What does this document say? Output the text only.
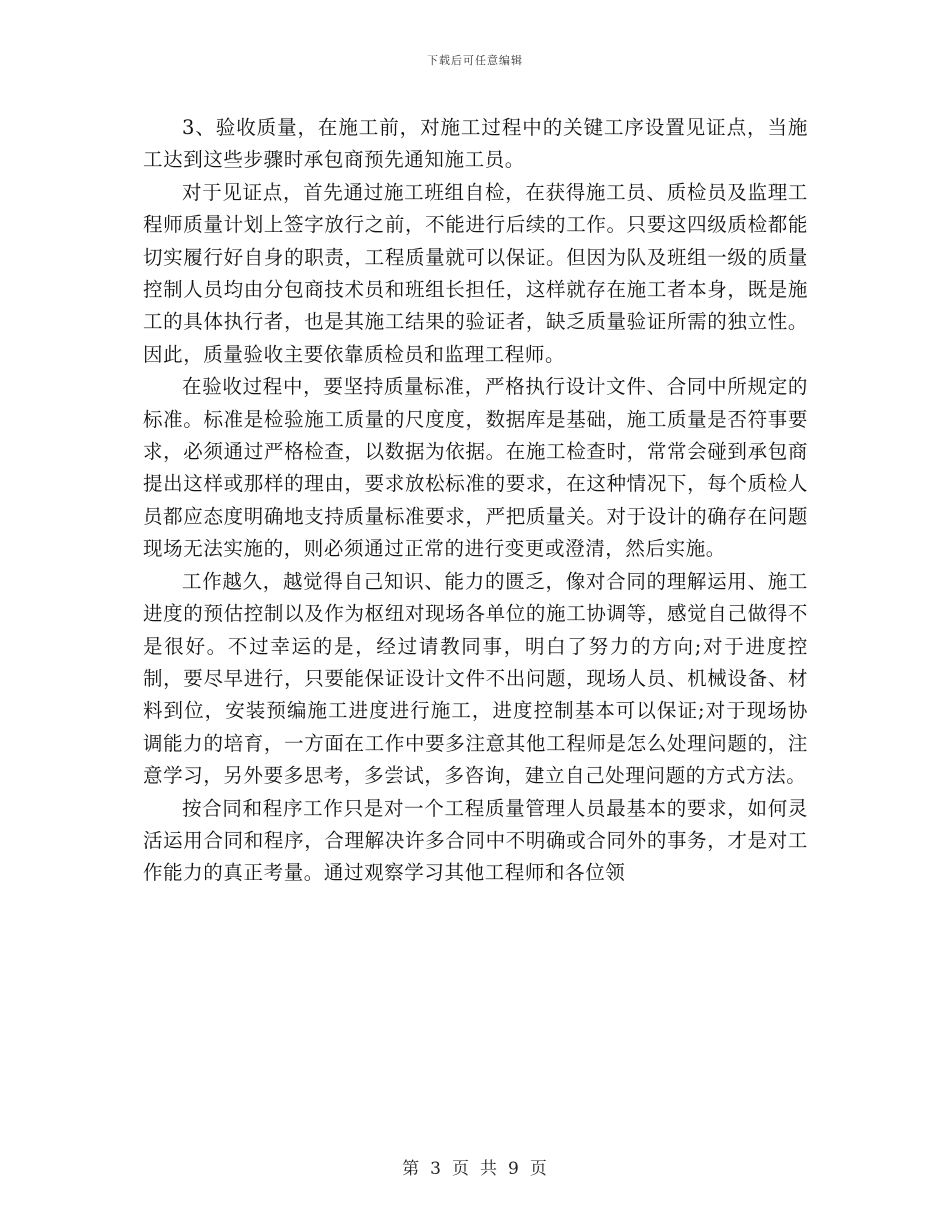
下载后可任意编辑

3、验收质量，在施工前，对施工过程中的关键工序设置见证点，当施工达到这些步骤时承包商预先通知施工员。

对于见证点，首先通过施工班组自检，在获得施工员、质检员及监理工程师质量计划上签字放行之前，不能进行后续的工作。只要这四级质检都能切实履行好自身的职责，工程质量就可以保证。但因为队及班组一级的质量控制人员均由分包商技术员和班组长担任，这样就存在施工者本身，既是施工的具体执行者，也是其施工结果的验证者，缺乏质量验证所需的独立性。因此，质量验收主要依靠质检员和监理工程师。

在验收过程中，要坚持质量标准，严格执行设计文件、合同中所规定的标准。标准是检验施工质量的尺度度，数据库是基础，施工质量是否符事要求，必须通过严格检查，以数据为依据。在施工检查时，常常会碰到承包商提出这样或那样的理由，要求放松标准的要求，在这种情况下，每个质检人员都应态度明确地支持质量标准要求，严把质量关。对于设计的确存在问题现场无法实施的，则必须通过正常的进行变更或澄清，然后实施。

工作越久，越觉得自己知识、能力的匮乏，像对合同的理解运用、施工进度的预估控制以及作为枢纽对现场各单位的施工协调等，感觉自己做得不是很好。不过幸运的是，经过请教同事，明白了努力的方向;对于进度控制，要尽早进行，只要能保证设计文件不出问题，现场人员、机械设备、材料到位，安装预编施工进度进行施工，进度控制基本可以保证;对于现场协调能力的培育，一方面在工作中要多注意其他工程师是怎么处理问题的，注意学习，另外要多思考，多尝试，多咨询，建立自己处理问题的方式方法。

按合同和程序工作只是对一个工程质量管理人员最基本的要求，如何灵活运用合同和程序，合理解决许多合同中不明确或合同外的事务，才是对工作能力的真正考量。通过观察学习其他工程师和各位领

第 3 页 共 9 页
